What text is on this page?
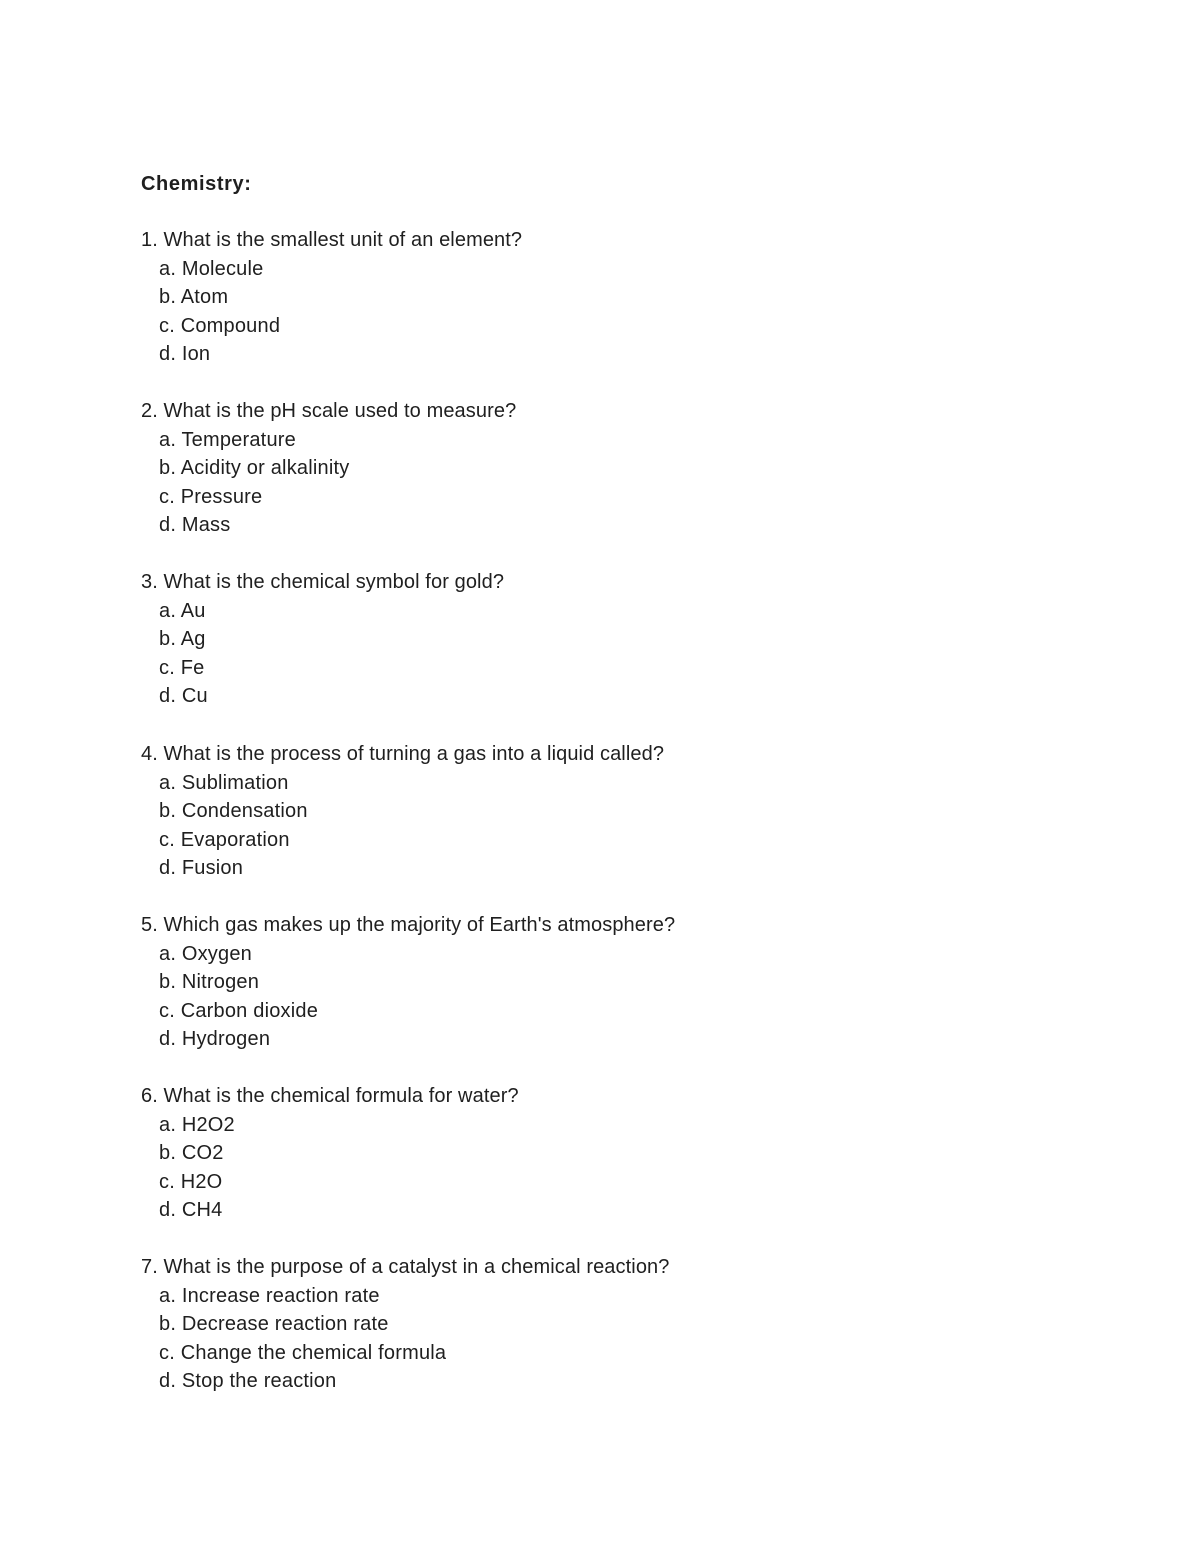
Chemistry:
1. What is the smallest unit of an element?
a. Molecule
b. Atom
c. Compound
d. Ion
2. What is the pH scale used to measure?
a. Temperature
b. Acidity or alkalinity
c. Pressure
d. Mass
3. What is the chemical symbol for gold?
a. Au
b. Ag
c. Fe
d. Cu
4. What is the process of turning a gas into a liquid called?
a. Sublimation
b. Condensation
c. Evaporation
d. Fusion
5. Which gas makes up the majority of Earth's atmosphere?
a. Oxygen
b. Nitrogen
c. Carbon dioxide
d. Hydrogen
6. What is the chemical formula for water?
a. H2O2
b. CO2
c. H2O
d. CH4
7. What is the purpose of a catalyst in a chemical reaction?
a. Increase reaction rate
b. Decrease reaction rate
c. Change the chemical formula
d. Stop the reaction
